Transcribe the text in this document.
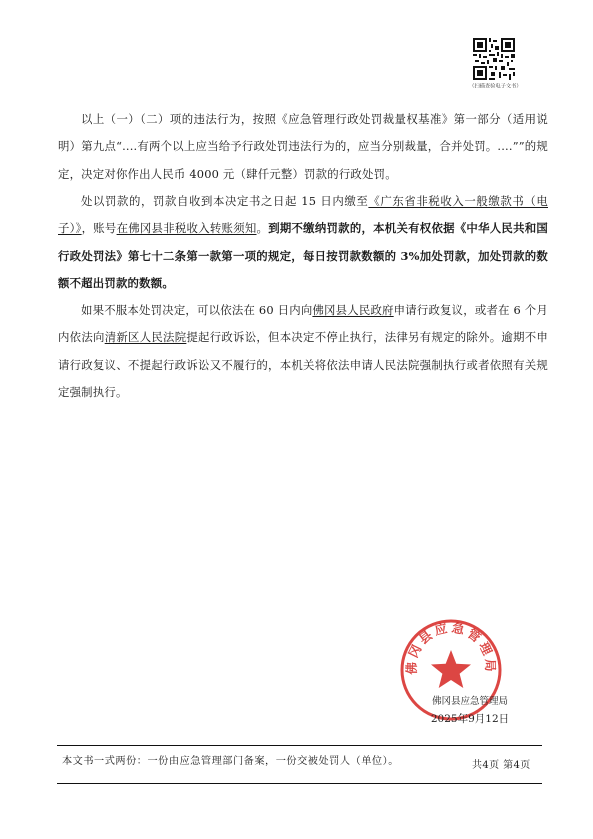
（扫描查验电子文书）

以上（一）（二）项的违法行为，按照《应急管理行政处罚裁量权基准》第一部分（适用说明）第九点“....有两个以上应当给予行政处罚违法行为的，应当分别裁量，合并处罚。....””的规定，决定对你作出人民币 4000 元（肆仟元整）罚款的行政处罚。

处以罚款的，罚款自收到本决定书之日起 15 日内缴至《广东省非税收入一般缴款书（电子）》，账号在佛冈县非税收入转账须知。到期不缴纳罚款的，本机关有权依据《中华人民共和国行政处罚法》第七十二条第一款第一项的规定，每日按罚款数额的 3%加处罚款，加处罚款的数额不超出罚款的数额。

如果不服本处罚决定，可以依法在 60 日内向佛冈县人民政府申请行政复议，或者在 6 个月内依法向清新区人民法院提起行政诉讼，但本决定不停止执行，法律另有规定的除外。逾期不申请行政复议、不提起行政诉讼又不履行的，本机关将依法申请人民法院强制执行或者依照有关规定强制执行。

佛冈县应急管理局
佛冈县应急管理局
2025年9月12日
本文书一式两份：一份由应急管理部门备案，一份交被处罚人（单位）。	共4页 第4页
